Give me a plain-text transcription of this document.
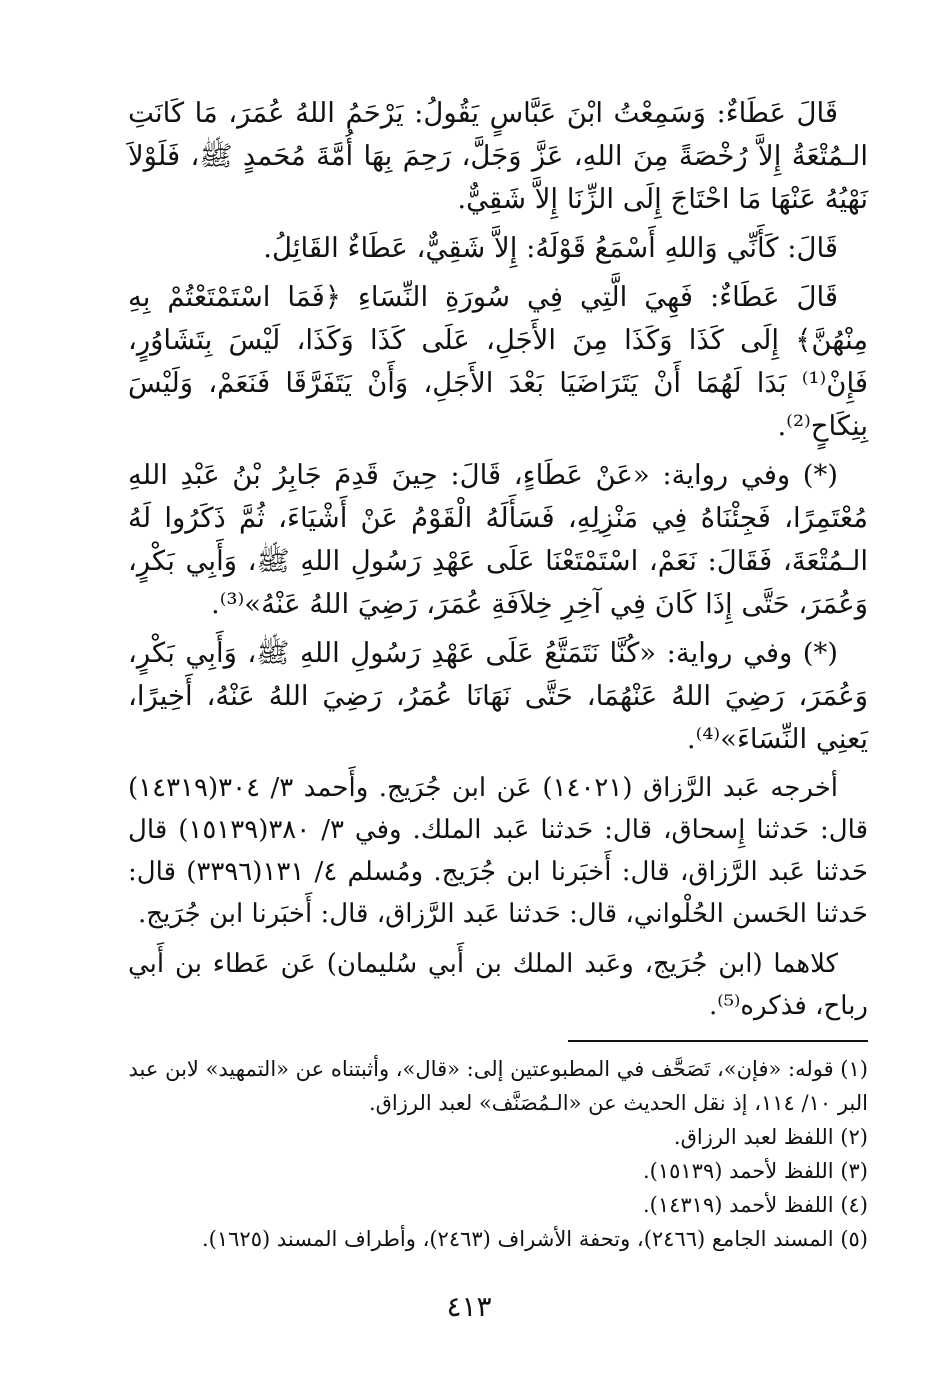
قَالَ عَطَاءٌ: وَسَمِعْتُ ابْنَ عَبَّاسٍ يَقُولُ: يَرْحَمُ اللهُ عُمَرَ، مَا كَانَتِ الـمُتْعَةُ إِلاَّ رُخْصَةً مِنَ اللهِ، عَزَّ وَجَلَّ، رَحِمَ بِهَا أُمَّةَ مُحَمدٍ ﷺ، فَلَوْلاَ نَهْيُهُ عَنْهَا مَا احْتَاجَ إِلَى الزِّنَا إِلاَّ شَقِيٌّ.

قَالَ: كَأَنِّي وَاللهِ أَسْمَعُ قَوْلَهُ: إِلاَّ شَقِيٌّ، عَطَاءٌ القَائِلُ.

قَالَ عَطَاءٌ: فَهِيَ الَّتِي فِي سُورَةِ النِّسَاءِ ﴿فَمَا اسْتَمْتَعْتُمْ بِهِ مِنْهُنَّ﴾ إِلَى كَذَا وَكَذَا مِنَ الأَجَلِ، عَلَى كَذَا وَكَذَا، لَيْسَ بِتَشَاوُرٍ، فَإِنْ⁽¹⁾ بَدَا لَهُمَا أَنْ يَتَرَاضَيَا بَعْدَ الأَجَلِ، وَأَنْ يَتَفَرَّقَا فَنَعَمْ، وَلَيْسَ بِنِكَاحٍ⁽²⁾.

(*) وفي رواية: «عَنْ عَطَاءٍ، قَالَ: حِينَ قَدِمَ جَابِرُ بْنُ عَبْدِ اللهِ مُعْتَمِرًا، فَجِئْنَاهُ فِي مَنْزِلِهِ، فَسَأَلَهُ الْقَوْمُ عَنْ أَشْيَاءَ، ثُمَّ ذَكَرُوا لَهُ الـمُتْعَةَ، فَقَالَ: نَعَمْ، اسْتَمْتَعْنَا عَلَى عَهْدِ رَسُولِ اللهِ ﷺ، وَأَبِي بَكْرٍ، وَعُمَرَ، حَتَّى إِذَا كَانَ فِي آخِرِ خِلاَفَةِ عُمَرَ، رَضِيَ اللهُ عَنْهُ»⁽³⁾.

(*) وفي رواية: «كُنَّا نَتَمَتَّعُ عَلَى عَهْدِ رَسُولِ اللهِ ﷺ، وَأَبِي بَكْرٍ، وَعُمَرَ، رَضِيَ اللهُ عَنْهُمَا، حَتَّى نَهَانَا عُمَرُ، رَضِيَ اللهُ عَنْهُ، أَخِيرًا، يَعنِي النِّسَاءَ»⁽⁴⁾.

أخرجه عَبد الرَّزاق (١٤٠٢١) عَن ابن جُرَيج. وأَحمد ٣/ ٣٠٤(١٤٣١٩) قال: حَدثنا إِسحاق، قال: حَدثنا عَبد الملك. وفي ٣/ ٣٨٠(١٥١٣٩) قال حَدثنا عَبد الرَّزاق، قال: أَخبَرنا ابن جُرَيج. ومُسلم ٤/ ١٣١(٣٣٩٦) قال: حَدثنا الحَسن الحُلْواني، قال: حَدثنا عَبد الرَّزاق، قال: أَخبَرنا ابن جُرَيج.

كلاهما (ابن جُرَيج، وعَبد الملك بن أَبي سُليمان) عَن عَطاء بن أَبي رباح، فذكره⁽⁵⁾.

(١) قوله: «فإن»، تَصَحَّف في المطبوعتين إلى: «قال»، وأثبتناه عن «التمهيد» لابن عبد البر ١٠/ ١١٤، إذ نقل الحديث عن «الـمُصَنَّف» لعبد الرزاق.

(٢) اللفظ لعبد الرزاق.

(٣) اللفظ لأحمد (١٥١٣٩).

(٤) اللفظ لأحمد (١٤٣١٩).

(٥) المسند الجامع (٢٤٦٦)، وتحفة الأشراف (٢٤٦٣)، وأطراف المسند (١٦٢٥).

٤١٣
